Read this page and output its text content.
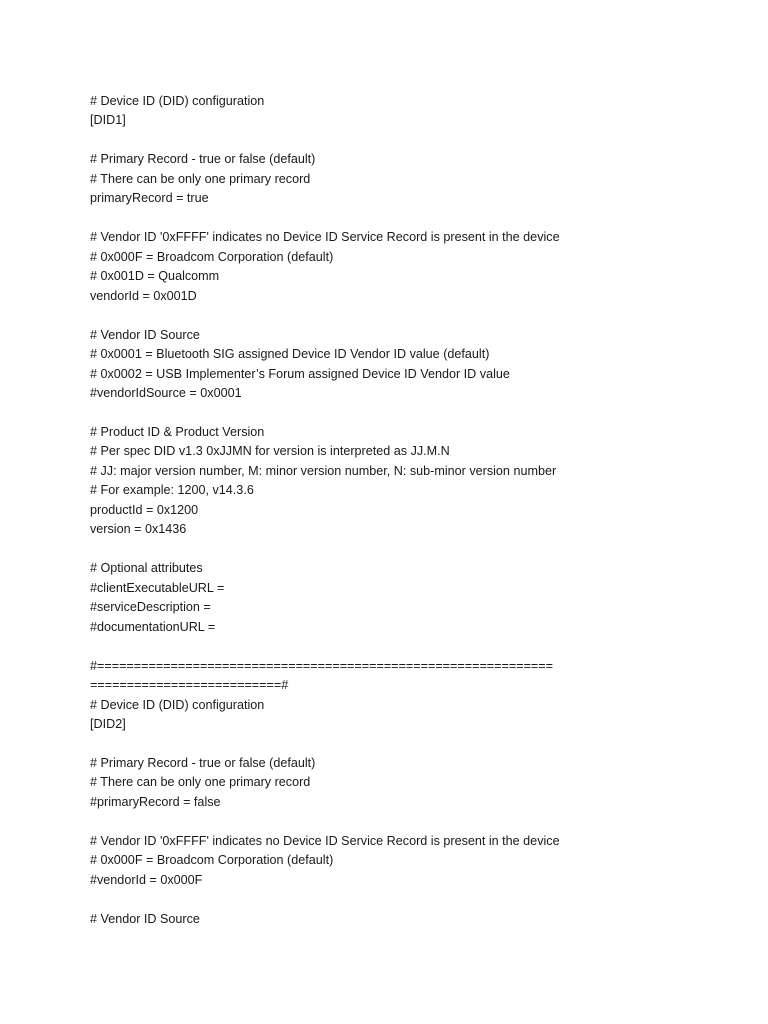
# Device ID (DID) configuration
[DID1]
# Primary Record - true or false (default)
# There can be only one primary record
primaryRecord = true
# Vendor ID '0xFFFF' indicates no Device ID Service Record is present in the device
# 0x000F = Broadcom Corporation (default)
# 0x001D = Qualcomm
vendorId = 0x001D
# Vendor ID Source
# 0x0001 = Bluetooth SIG assigned Device ID Vendor ID value (default)
# 0x0002 = USB Implementer’s Forum assigned Device ID Vendor ID value
#vendorIdSource = 0x0001
# Product ID & Product Version
# Per spec DID v1.3 0xJJMN for version is interpreted as JJ.M.N
# JJ: major version number, M: minor version number, N: sub-minor version number
# For example: 1200, v14.3.6
productId = 0x1200
version = 0x1436
# Optional attributes
#clientExecutableURL =
#serviceDescription =
#documentationURL =
#==============================================================
==========================#
# Device ID (DID) configuration
[DID2]
# Primary Record - true or false (default)
# There can be only one primary record
#primaryRecord = false
# Vendor ID '0xFFFF' indicates no Device ID Service Record is present in the device
# 0x000F = Broadcom Corporation (default)
#vendorId = 0x000F
# Vendor ID Source
